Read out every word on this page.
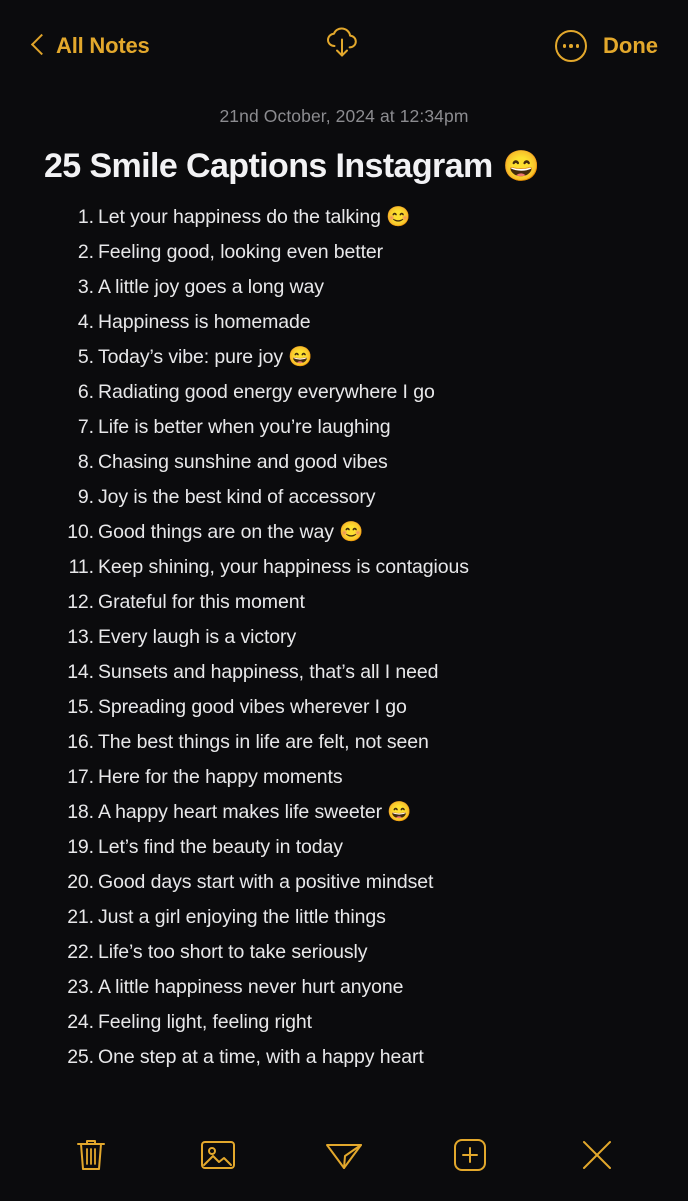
All Notes	Done
21nd October, 2024 at 12:34pm
25 Smile Captions Instagram 😄
1. Let your happiness do the talking 😊
2. Feeling good, looking even better
3. A little joy goes a long way
4. Happiness is homemade
5. Today’s vibe: pure joy 😄
6. Radiating good energy everywhere I go
7. Life is better when you’re laughing
8. Chasing sunshine and good vibes
9. Joy is the best kind of accessory
10. Good things are on the way 😊
11. Keep shining, your happiness is contagious
12. Grateful for this moment
13. Every laugh is a victory
14. Sunsets and happiness, that’s all I need
15. Spreading good vibes wherever I go
16. The best things in life are felt, not seen
17. Here for the happy moments
18. A happy heart makes life sweeter 😄
19. Let’s find the beauty in today
20. Good days start with a positive mindset
21. Just a girl enjoying the little things
22. Life’s too short to take seriously
23. A little happiness never hurt anyone
24. Feeling light, feeling right
25. One step at a time, with a happy heart
